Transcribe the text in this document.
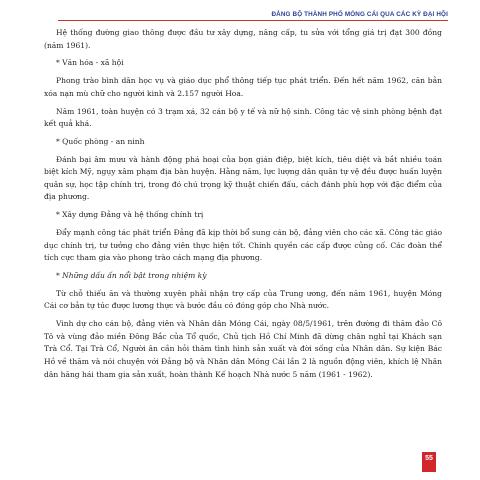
ĐẢNG BỘ THÀNH PHỐ MÓNG CÁI QUA CÁC KỲ ĐẠI HỘI

Hệ thống đường giao thông được đầu tư xây dựng, nâng cấp, tu sửa với tổng giá trị đạt 300 đồng (năm 1961).

* Văn hóa - xã hội

Phong trào bình dân học vụ và giáo dục phổ thông tiếp tục phát triển. Đến hết năm 1962, căn bản xóa nạn mù chữ cho người kinh và 2.157 người Hoa.

Năm 1961, toàn huyện có 3 trạm xá, 32 cán bộ y tế và nữ hộ sinh. Công tác vệ sinh phòng bệnh đạt kết quả khá.

* Quốc phòng - an ninh

Đánh bại âm mưu và hành động phá hoại của bọn gián điệp, biệt kích, tiêu diệt và bắt nhiều toán biệt kích Mỹ, ngụy xâm phạm địa bàn huyện. Hằng năm, lực lượng dân quân tự vệ đều được huấn luyện quân sự, học tập chính trị, trong đó chú trọng kỹ thuật chiến đấu, cách đánh phù hợp với đặc điểm của địa phương.

* Xây dựng Đảng và hệ thống chính trị

Đẩy mạnh công tác phát triển Đảng đã kịp thời bổ sung cán bộ, đảng viên cho các xã. Công tác giáo dục chính trị, tư tưởng cho đảng viên thực hiện tốt. Chính quyền các cấp được củng cố. Các đoàn thể tích cực tham gia vào phong trào cách mạng địa phương.

* Những dấu ấn nổi bật trong nhiệm kỳ

Từ chỗ thiếu ăn và thường xuyên phải nhận trợ cấp của Trung ương, đến năm 1961, huyện Móng Cái cơ bản tự túc được lương thực và bước đầu có đóng góp cho Nhà nước.

Vinh dự cho cán bộ, đảng viên và Nhân dân Móng Cái, ngày 08/5/1961, trên đường đi thăm đảo Cô Tô và vùng đảo miền Đông Bắc của Tổ quốc, Chủ tịch Hồ Chí Minh đã dừng chân nghỉ tại Khách sạn Trà Cổ. Tại Trà Cổ, Người ân cần hỏi thăm tình hình sản xuất và đời sống của Nhân dân. Sự kiện Bác Hồ về thăm và nói chuyện với Đảng bộ và Nhân dân Móng Cái lần 2 là nguồn động viên, khích lệ Nhân dân hăng hái tham gia sản xuất, hoàn thành Kế hoạch Nhà nước 5 năm (1961 - 1962).

55
